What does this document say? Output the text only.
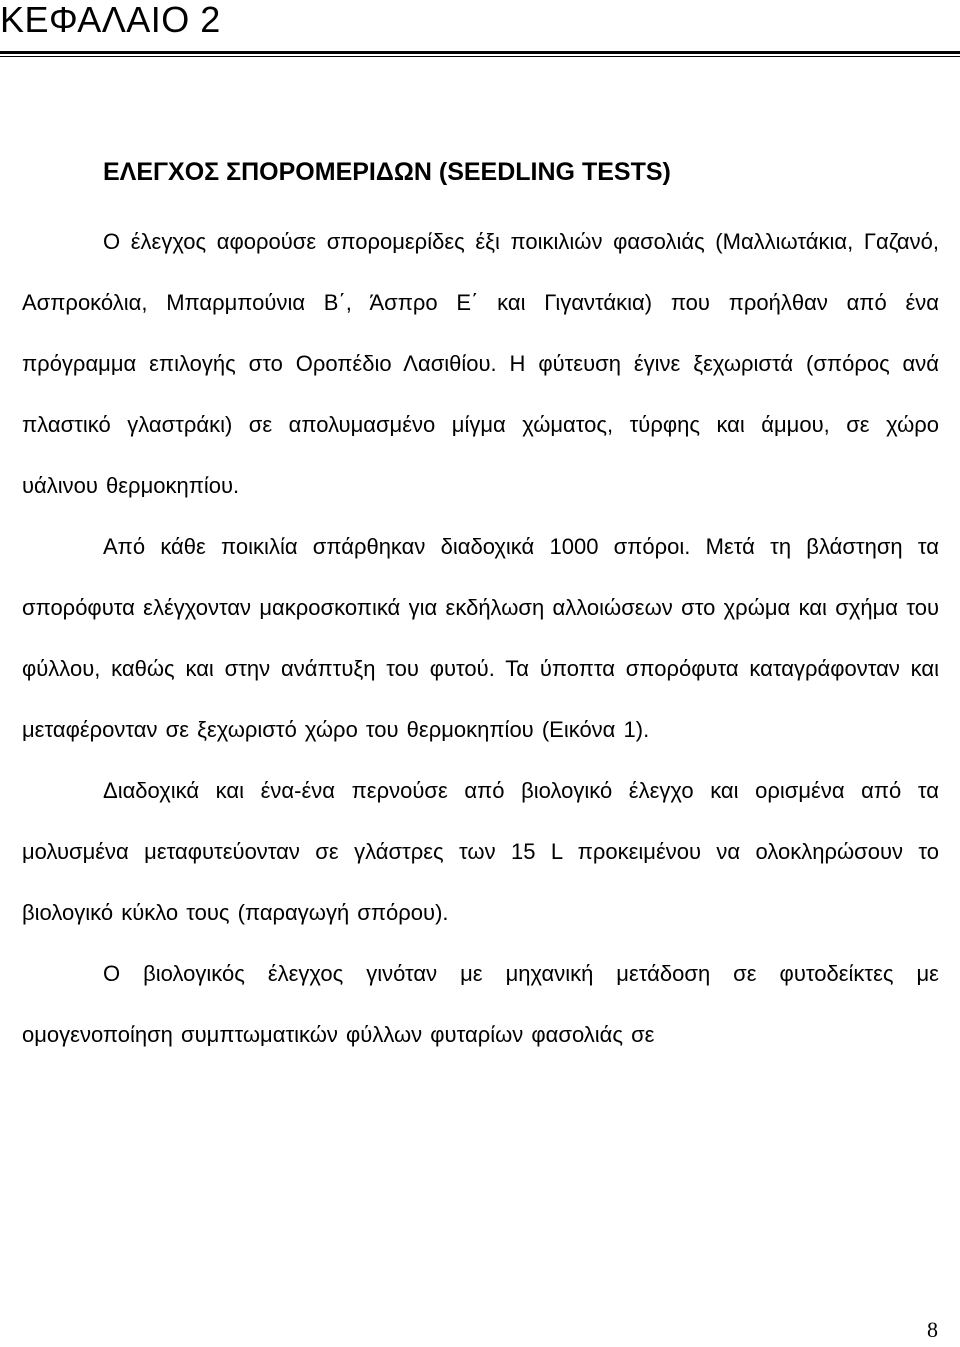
ΚΕΦΑΛΑΙΟ 2
ΕΛΕΓΧΟΣ ΣΠΟΡΟΜΕΡΙΔΩΝ (SEEDLING TESTS)

Ο έλεγχος αφορούσε σπορομερίδες έξι ποικιλιών φασολιάς (Μαλλιωτάκια, Γαζανό, Ασπροκόλια, Μπαρμπούνια Β΄, Άσπρο Ε΄ και Γιγαντάκια) που προήλθαν από ένα πρόγραμμα επιλογής στο Οροπέδιο Λασιθίου. Η φύτευση έγινε ξεχωριστά (σπόρος ανά πλαστικό γλαστράκι) σε απολυμασμένο μίγμα χώματος, τύρφης και άμμου, σε χώρο υάλινου θερμοκηπίου.

Από κάθε ποικιλία σπάρθηκαν διαδοχικά 1000 σπόροι. Μετά τη βλάστηση τα σπορόφυτα ελέγχονταν μακροσκοπικά για εκδήλωση αλλοιώσεων στο χρώμα και σχήμα του φύλλου, καθώς και στην ανάπτυξη του φυτού. Τα ύποπτα σπορόφυτα καταγράφονταν και μεταφέρονταν σε ξεχωριστό χώρο του θερμοκηπίου (Εικόνα 1).

Διαδοχικά και ένα-ένα περνούσε από βιολογικό έλεγχο και ορισμένα από τα μολυσμένα μεταφυτεύονταν σε γλάστρες των 15 L προκειμένου να ολοκληρώσουν το βιολογικό κύκλο τους (παραγωγή σπόρου).

Ο βιολογικός έλεγχος γινόταν με μηχανική μετάδοση σε φυτοδείκτες με ομογενοποίηση συμπτωματικών φύλλων φυταρίων φασολιάς σε

8
